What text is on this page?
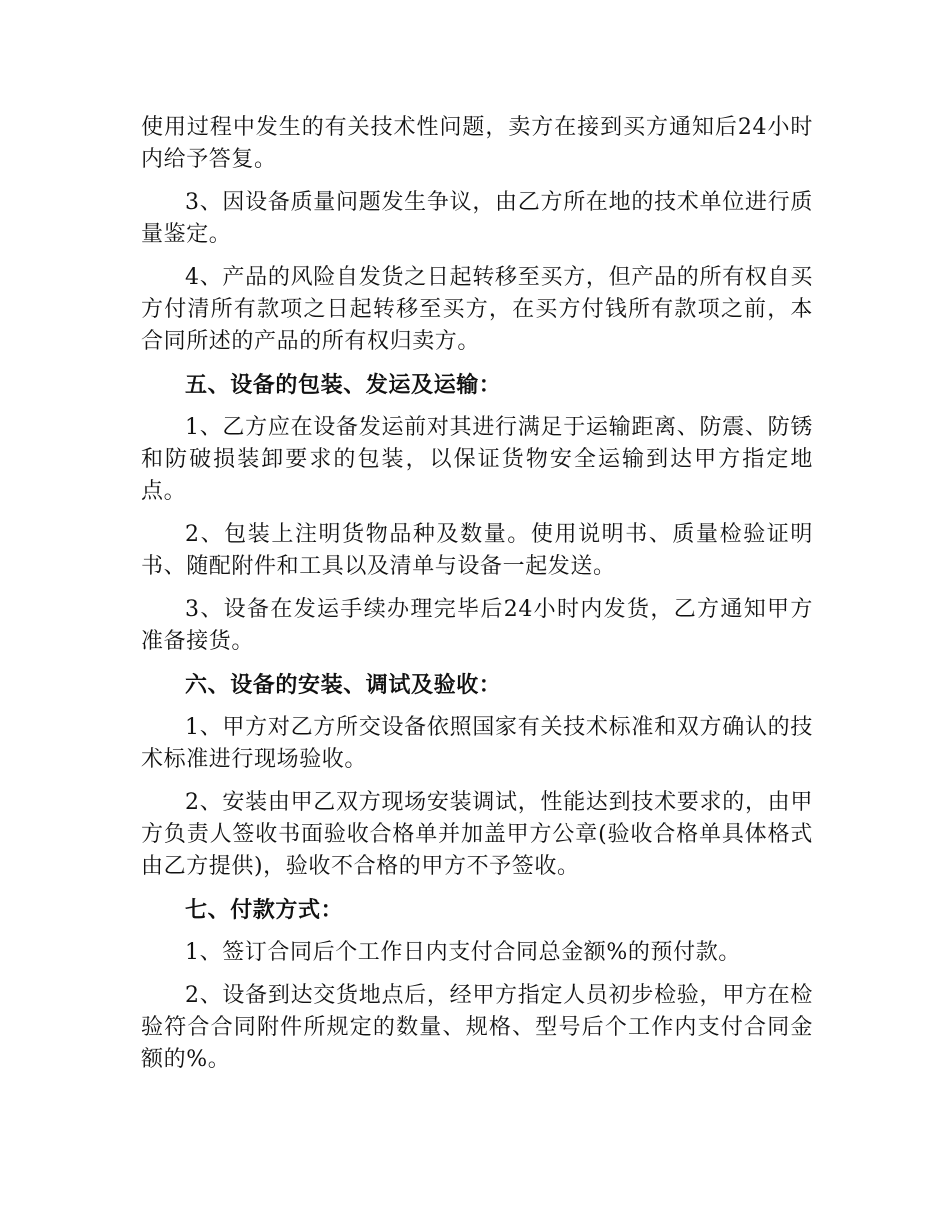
使用过程中发生的有关技术性问题，卖方在接到买方通知后24小时内给予答复。

3、因设备质量问题发生争议，由乙方所在地的技术单位进行质量鉴定。

4、产品的风险自发货之日起转移至买方，但产品的所有权自买方付清所有款项之日起转移至买方，在买方付钱所有款项之前，本合同所述的产品的所有权归卖方。

五、设备的包装、发运及运输：

1、乙方应在设备发运前对其进行满足于运输距离、防震、防锈和防破损装卸要求的包装，以保证货物安全运输到达甲方指定地点。

2、包装上注明货物品种及数量。使用说明书、质量检验证明书、随配附件和工具以及清单与设备一起发送。

3、设备在发运手续办理完毕后24小时内发货，乙方通知甲方准备接货。

六、设备的安装、调试及验收：

1、甲方对乙方所交设备依照国家有关技术标准和双方确认的技术标准进行现场验收。

2、安装由甲乙双方现场安装调试，性能达到技术要求的，由甲方负责人签收书面验收合格单并加盖甲方公章(验收合格单具体格式由乙方提供)，验收不合格的甲方不予签收。

七、付款方式：

1、签订合同后个工作日内支付合同总金额%的预付款。

2、设备到达交货地点后，经甲方指定人员初步检验，甲方在检验符合合同附件所规定的数量、规格、型号后个工作内支付合同金额的%。
